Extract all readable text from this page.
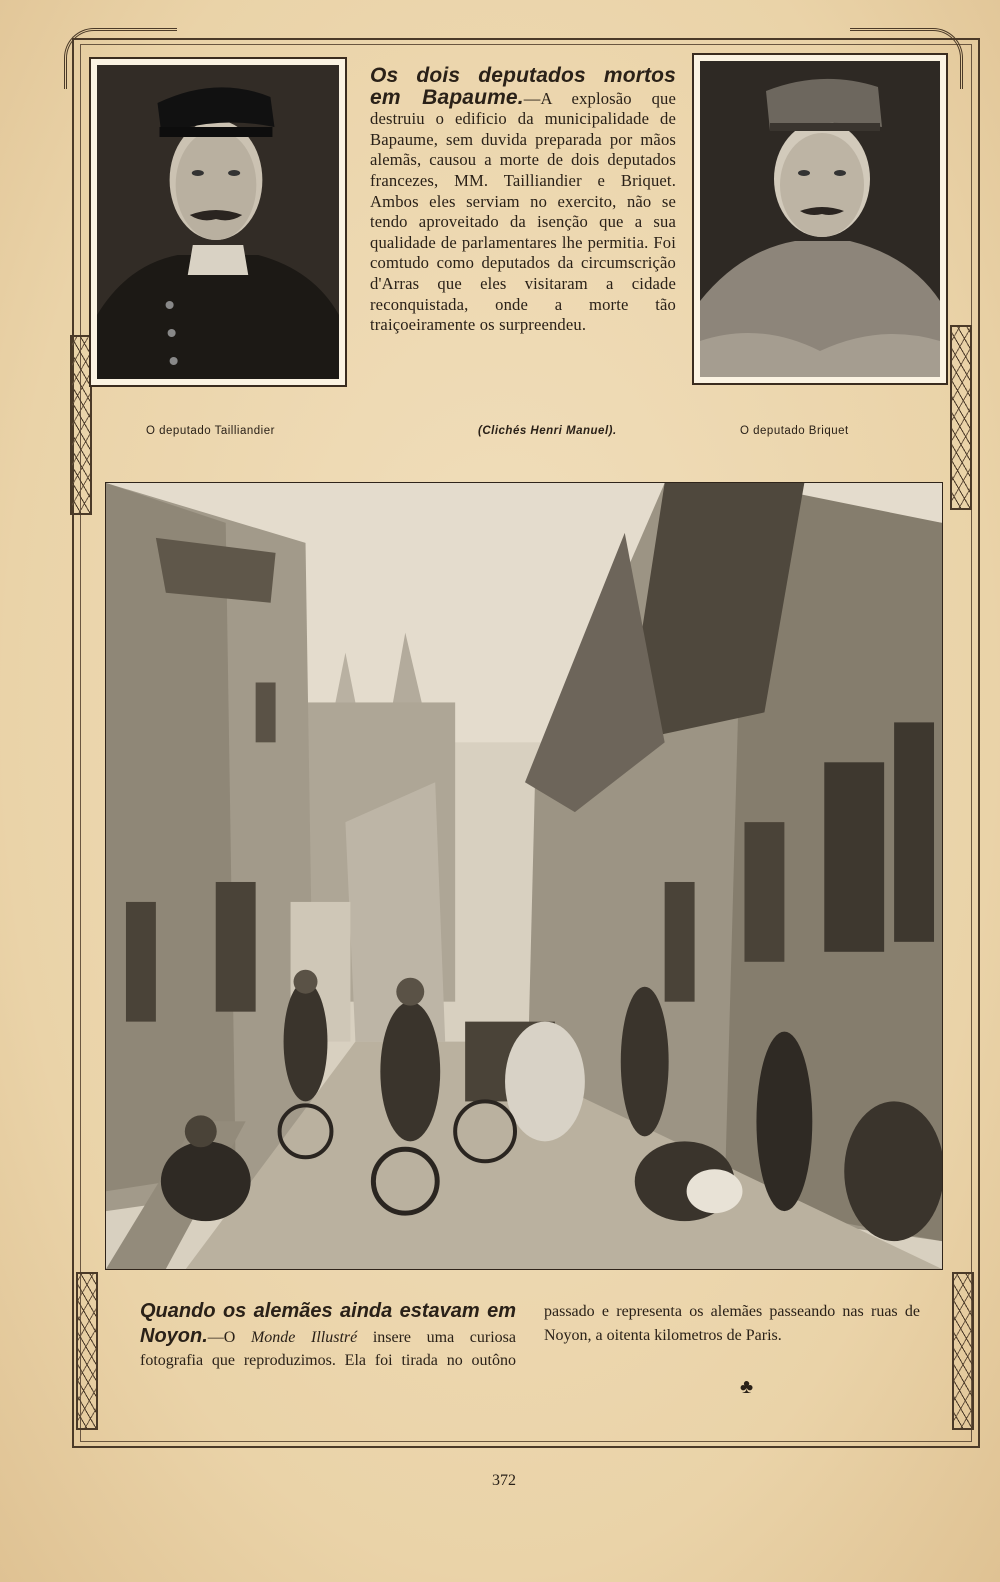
Os dois deputados mortos em Bapaume.—A explosão que destruiu o edificio da municipalidade de Bapaume, sem duvida preparada por mãos alemãs, causou a morte de dois deputados francezes, MM. Tailliandier e Briquet. Ambos eles serviam no exercito, não se tendo aproveitado da isenção que a sua qualidade de parlamentares lhe permitia. Foi comtudo como deputados da circumscrição d'Arras que eles visitaram a cidade reconquistada, onde a morte tão traiçoeiramente os surpreendeu.
O deputado Tailliandier	(Clichés Henri Manuel).	O deputado Briquet
Quando os alemães ainda estavam em Noyon.—O Monde Illustré insere uma curiosa fotografia que reproduzimos. Ela foi tirada no outôno passado e representa os alemães passeando nas ruas de Noyon, a oitenta kilometros de Paris.
♣
372
